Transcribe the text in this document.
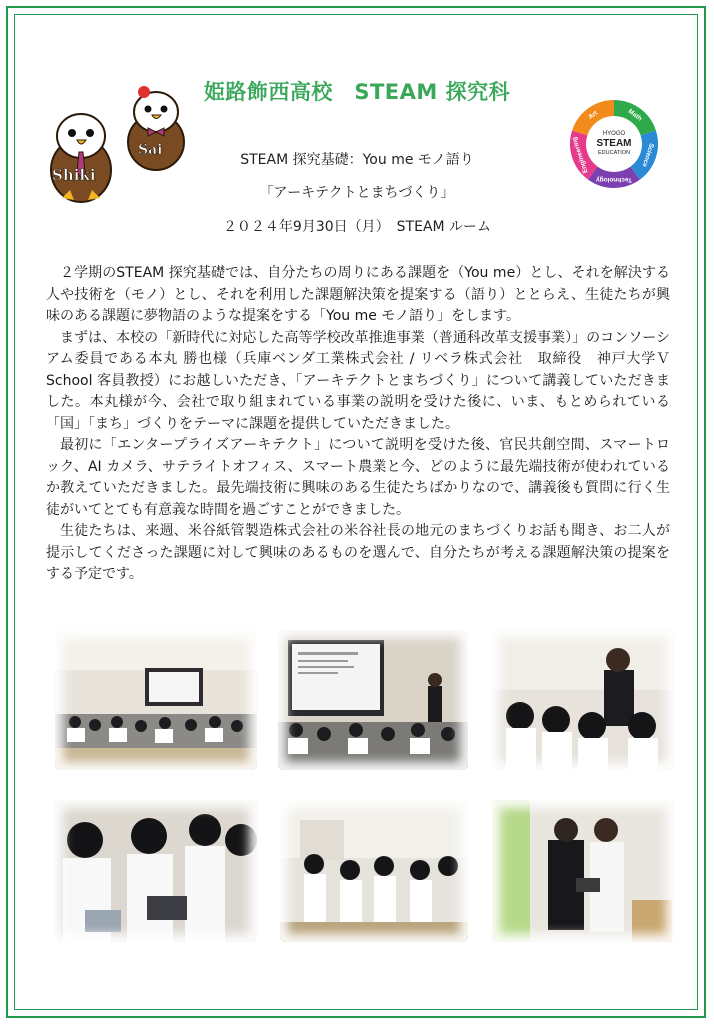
姫路飾西高校　STEAM 探究科
Shiki
Sai
STEAM 探究基礎：You me モノ語り
「アーキテクトとまちづくり」
２０２４年9月30日（月）　STEAM ルーム
HYOGO
STEAM
EDUCATION
Math
Science
Technology
Engineering
Art

２学期のSTEAM 探究基礎では、自分たちの周りにある課題を（You me）とし、それを解決する人や技術を（モノ）とし、それを利用した課題解決策を提案する（語り）ととらえ、生徒たちが興味のある課題に夢物語のような提案をする「You me モノ語り」をします。

まずは、本校の「新時代に対応した高等学校改革推進事業（普通科改革支援事業）」のコンソーシアム委員である本丸 勝也様（兵庫ベンダ工業株式会社 / リベラ株式会社　取締役　神戸大学Ｖ School 客員教授）にお越しいただき、「アーキテクトとまちづくり」について講義していただきました。本丸様が今、会社で取り組まれている事業の説明を受けた後に、いま、もとめられている「国」「まち」づくりをテーマに課題を提供していただきました。

最初に「エンタープライズアーキテクト」について説明を受けた後、官民共創空間、スマートロック、AI カメラ、サテライトオフィス、スマート農業と今、どのように最先端技術が使われているか教えていただきました。最先端技術に興味のある生徒たちばかりなので、講義後も質問に行く生徒がいてとても有意義な時間を過ごすことができました。

生徒たちは、来週、米谷紙管製造株式会社の米谷社長の地元のまちづくりお話も聞き、お二人が提示してくださった課題に対して興味のあるものを選んで、自分たちが考える課題解決策の提案をする予定です。
